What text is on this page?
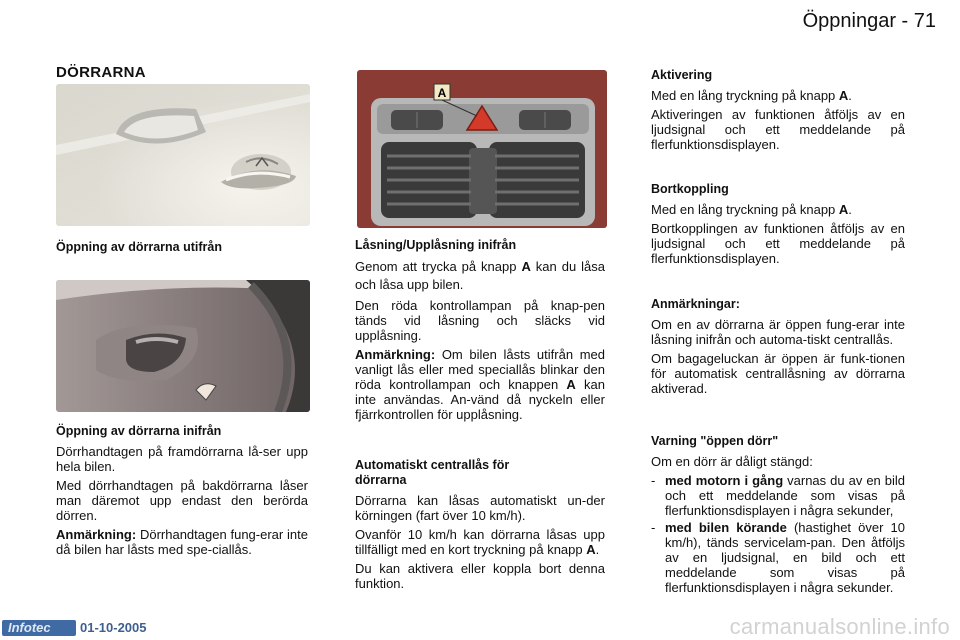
Öppningar - 71
DÖRRARNA
Öppning av dörrarna utifrån
Öppning av dörrarna inifrån

Dörrhandtagen på framdörrarna lå-ser upp hela bilen.

Med dörrhandtagen på bakdörrarna låser man däremot upp endast den berörda dörren.

Anmärkning: Dörrhandtagen fung-erar inte då bilen har låsts med spe-ciallås.

A
Låsning/Upplåsning inifrån

Genom att trycka på knapp A kan du låsa och låsa upp bilen.

Den röda kontrollampan på knap-pen tänds vid låsning och släcks vid upplåsning.

Anmärkning: Om bilen låsts utifrån med vanligt lås eller med speciallås blinkar den röda kontrollampan och knappen A kan inte användas. An-vänd då nyckeln eller fjärrkontrollen för upplåsning.

Automatiskt centrallås för dörrarna

Dörrarna kan låsas automatiskt un-der körningen (fart över 10 km/h).

Ovanför 10 km/h kan dörrarna låsas upp tillfälligt med en kort tryckning på knapp A.

Du kan aktivera eller koppla bort denna funktion.

Aktivering

Med en lång tryckning på knapp A.

Aktiveringen av funktionen åtföljs av en ljudsignal och ett meddelande på flerfunktionsdisplayen.

Bortkoppling

Med en lång tryckning på knapp A.

Bortkopplingen av funktionen åtföljs av en ljudsignal och ett meddelande på flerfunktionsdisplayen.

Anmärkningar:

Om en av dörrarna är öppen fung-erar inte låsning inifrån och automa-tiskt centrallås.

Om bagageluckan är öppen är funk-tionen för automatisk centrallåsning av dörrarna aktiverad.

Varning "öppen dörr"

Om en dörr är dåligt stängd:

- med motorn i gång varnas du av en bild och ett meddelande som visas på flerfunktionsdisplayen i några sekunder,
- med bilen körande (hastighet över 10 km/h), tänds servicelam-pan. Den åtföljs av en ljudsignal, en bild och ett meddelande som visas på flerfunktionsdisplayen i några sekunder.
Infotec	01-10-2005	carmanualsonline.info
